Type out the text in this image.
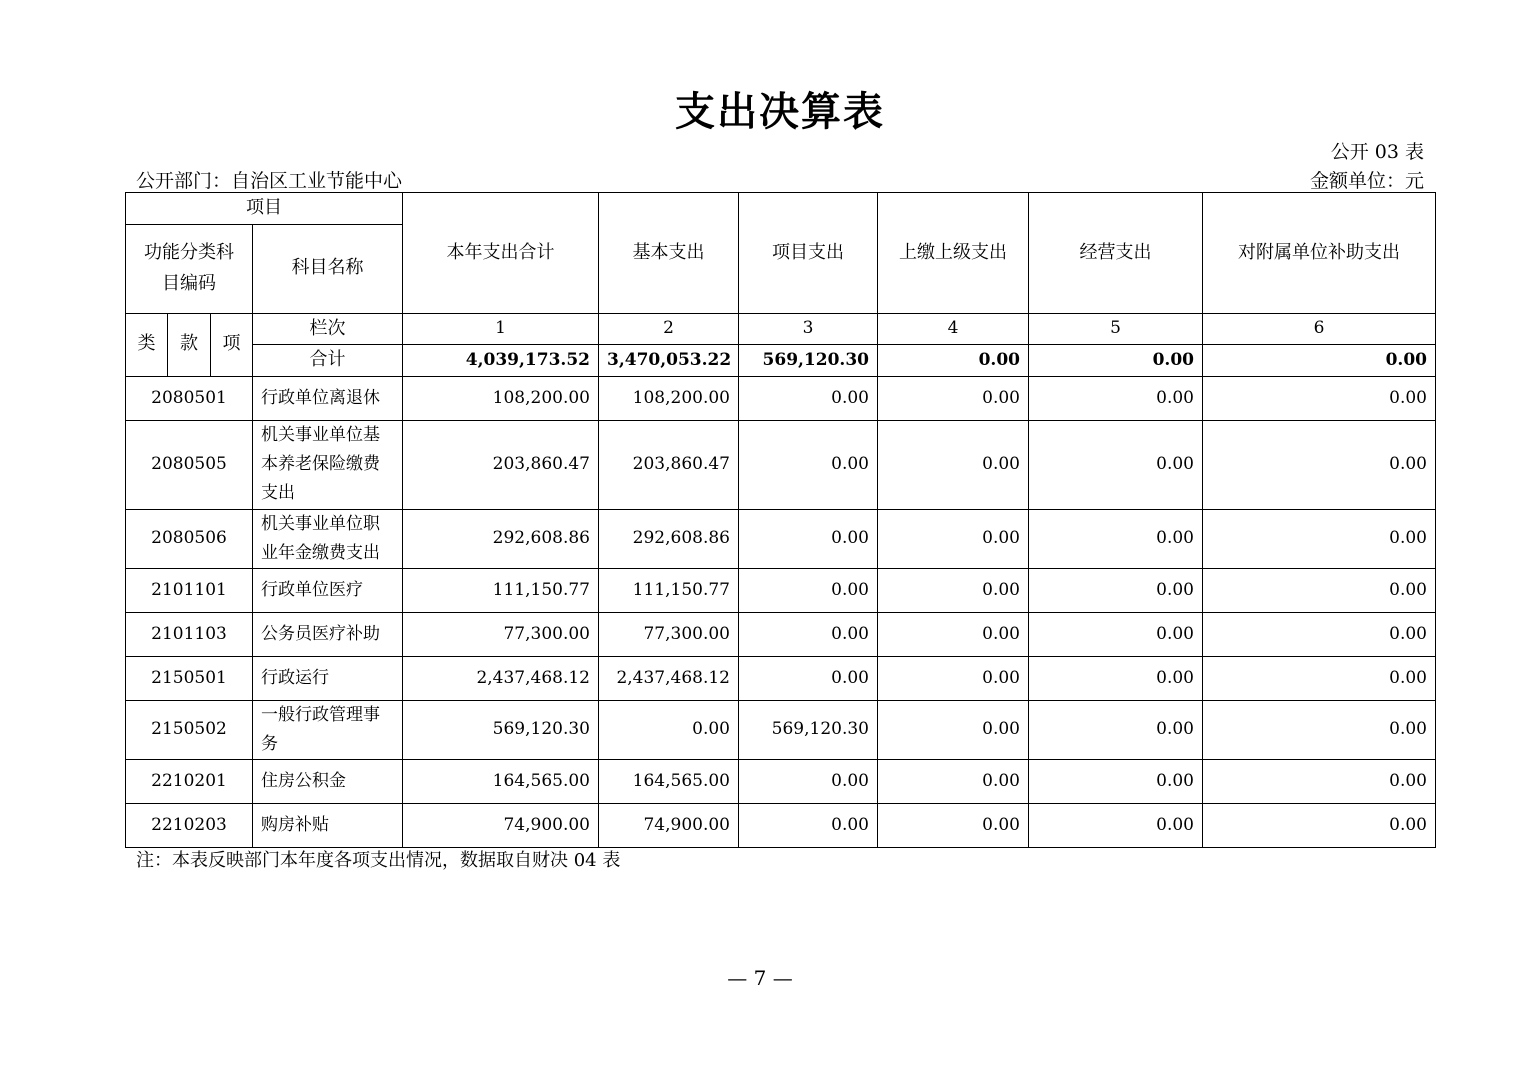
支出决算表
公开 03 表
公开部门：自治区工业节能中心	金额单位：元
项目				本年支出合计	基本支出	项目支出	上缴上级支出	经营支出	对附属单位补助支出
功能分类科目编码			科目名称						
类	款	项	栏次	1	2	3	4	5	6
			合计	4,039,173.52	3,470,053.22	569,120.30	0.00	0.00	0.00
2080501			行政单位离退休	108,200.00	108,200.00	0.00	0.00	0.00	0.00
2080505			机关事业单位基本养老保险缴费支出	203,860.47	203,860.47	0.00	0.00	0.00	0.00
2080506			机关事业单位职业年金缴费支出	292,608.86	292,608.86	0.00	0.00	0.00	0.00
2101101			行政单位医疗	111,150.77	111,150.77	0.00	0.00	0.00	0.00
2101103			公务员医疗补助	77,300.00	77,300.00	0.00	0.00	0.00	0.00
2150501			行政运行	2,437,468.12	2,437,468.12	0.00	0.00	0.00	0.00
2150502			一般行政管理事务	569,120.30	0.00	569,120.30	0.00	0.00	0.00
2210201			住房公积金	164,565.00	164,565.00	0.00	0.00	0.00	0.00
2210203			购房补贴	74,900.00	74,900.00	0.00	0.00	0.00	0.00
注：本表反映部门本年度各项支出情况，数据取自财决 04 表
— 7 —
